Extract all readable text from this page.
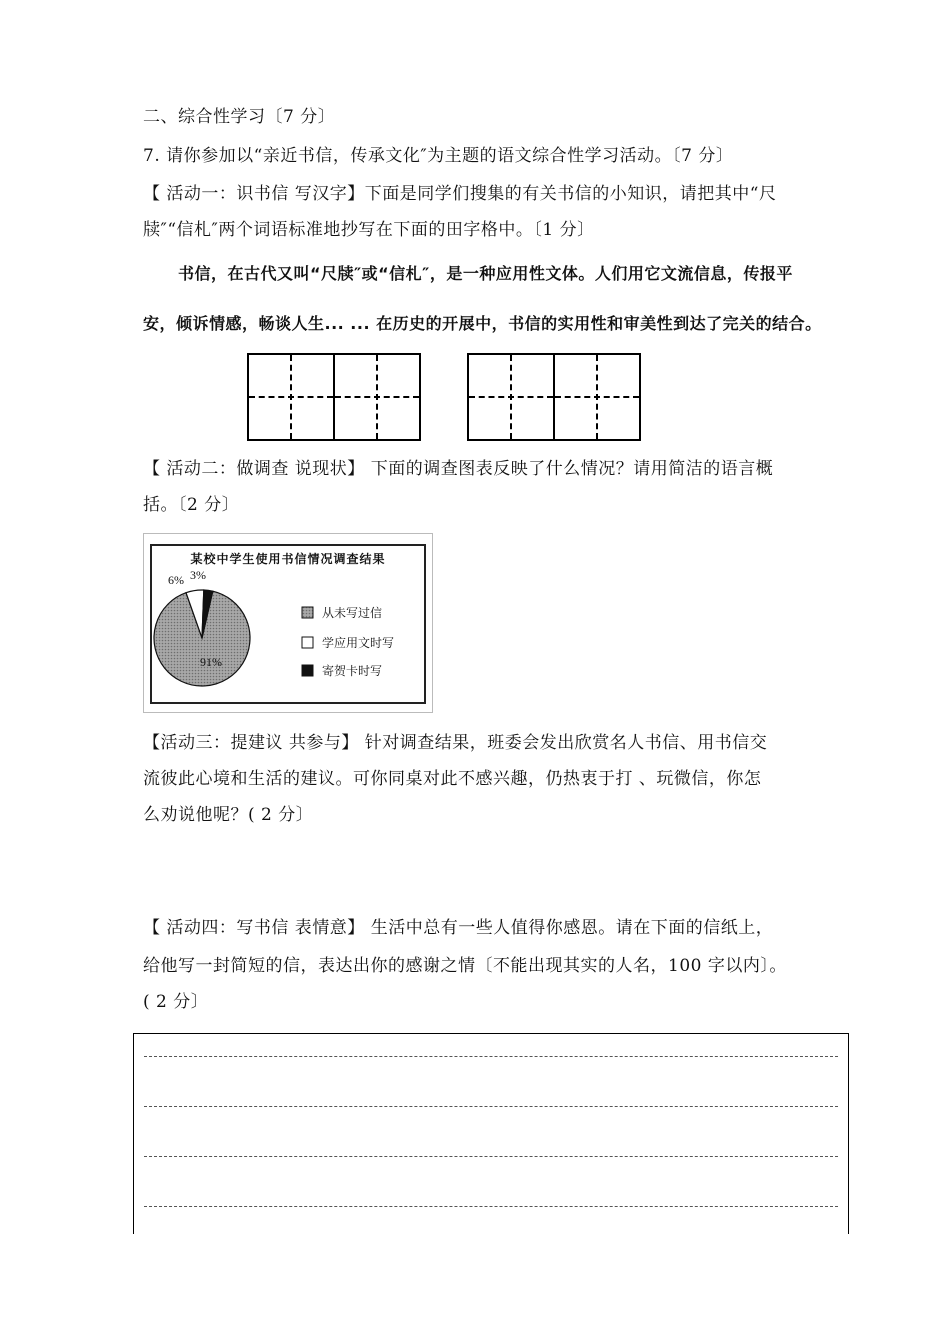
二、综合性学习〔7 分〕
7. 请你参加以“亲近书信，传承文化″为主题的语文综合性学习活动。〔7 分〕
【 活动一：识书信 写汉字】下面是同学们搜集的有关书信的小知识，请把其中“尺
牍″“信札″两个词语标准地抄写在下面的田字格中。〔1 分〕
书信，在古代又叫“尺牍″或“信札″，是一种应用性文体。人们用它文流信息，传报平
安，倾诉情感，畅谈人生... ... 在历史的开展中，书信的实用性和审美性到达了完关的结合。
【 活动二：做调查 说现状】 下面的调查图表反映了什么情况？请用简洁的语言概
括。〔2 分〕
某校中学生使用书信情况调查结果
91%
6% 3%
从未写过信
学应用文时写
寄贺卡时写
【活动三：提建议 共参与】 针对调查结果，班委会发出欣赏名人书信、用书信交
流彼此心境和生活的建议。可你同桌对此不感兴趣，仍热衷于打 、玩微信，你怎
么劝说他呢？( 2 分〕
【 活动四：写书信 表情意】 生活中总有一些人值得你感恩。请在下面的信纸上，
给他写一封简短的信，表达出你的感谢之情〔不能出现其实的人名，100 字以内〕。
( 2 分〕
